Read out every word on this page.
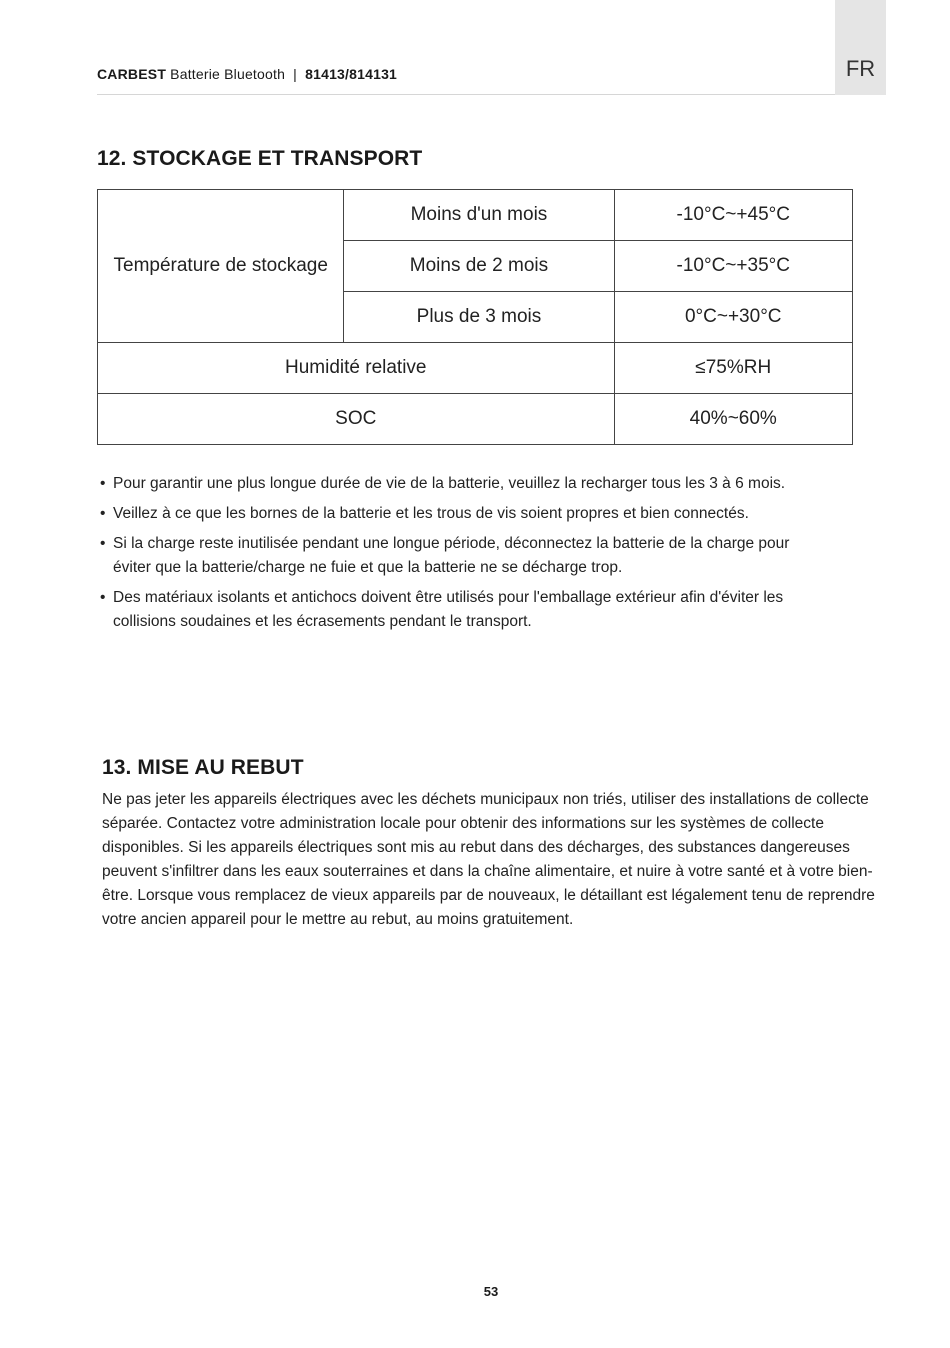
CARBEST Batterie Bluetooth | 81413/814131	FR
12. STOCKAGE ET TRANSPORT
Température de stockage	Moins d'un mois	-10°C~+45°C
	Moins de 2 mois	-10°C~+35°C
	Plus de 3 mois	0°C~+30°C
Humidité relative		≤75%RH
SOC		40%~60%
• Pour garantir une plus longue durée de vie de la batterie, veuillez la recharger tous les 3 à 6 mois.
• Veillez à ce que les bornes de la batterie et les trous de vis soient propres et bien connectés.
• Si la charge reste inutilisée pendant une longue période, déconnectez la batterie de la charge pour éviter que la batterie/charge ne fuie et que la batterie ne se décharge trop.
• Des matériaux isolants et antichocs doivent être utilisés pour l'emballage extérieur afin d'éviter les collisions soudaines et les écrasements pendant le transport.
13. MISE AU REBUT

Ne pas jeter les appareils électriques avec les déchets municipaux non triés, utiliser des installations de collecte séparée. Contactez votre administration locale pour obtenir des informations sur les systèmes de collecte disponibles. Si les appareils électriques sont mis au rebut dans des décharges, des substances dangereuses peuvent s'infiltrer dans les eaux souterraines et dans la chaîne alimentaire, et nuire à votre santé et à votre bien-être. Lorsque vous remplacez de vieux appareils par de nouveaux, le détaillant est légalement tenu de reprendre votre ancien appareil pour le mettre au rebut, au moins gratuitement.

53
